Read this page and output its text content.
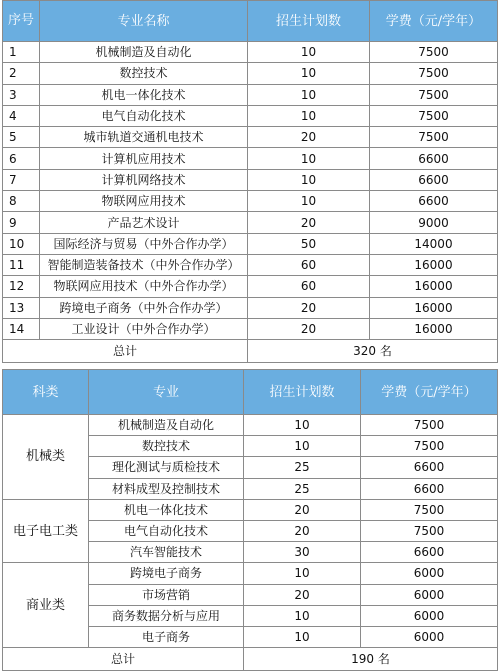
序号	专业名称	招生计划数	学费（元/学年）
1	机械制造及自动化	10	7500
2	数控技术	10	7500
3	机电一体化技术	10	7500
4	电气自动化技术	10	7500
5	城市轨道交通机电技术	20	7500
6	计算机应用技术	10	6600
7	计算机网络技术	10	6600
8	物联网应用技术	10	6600
9	产品艺术设计	20	9000
10	国际经济与贸易（中外合作办学）	50	14000
11	智能制造装备技术（中外合作办学）	60	16000
12	物联网应用技术（中外合作办学）	60	16000
13	跨境电子商务（中外合作办学）	20	16000
14	工业设计（中外合作办学）	20	16000
总计		320 名	
科类	专业	招生计划数	学费（元/学年）
机械类	机械制造及自动化	10	7500
	数控技术	10	7500
	理化测试与质检技术	25	6600
	材料成型及控制技术	25	6600
电子电工类	机电一体化技术	20	7500
	电气自动化技术	20	7500
	汽车智能技术	30	6600
商业类	跨境电子商务	10	6000
	市场营销	20	6000
	商务数据分析与应用	10	6000
	电子商务	10	6000
总计		190 名	
